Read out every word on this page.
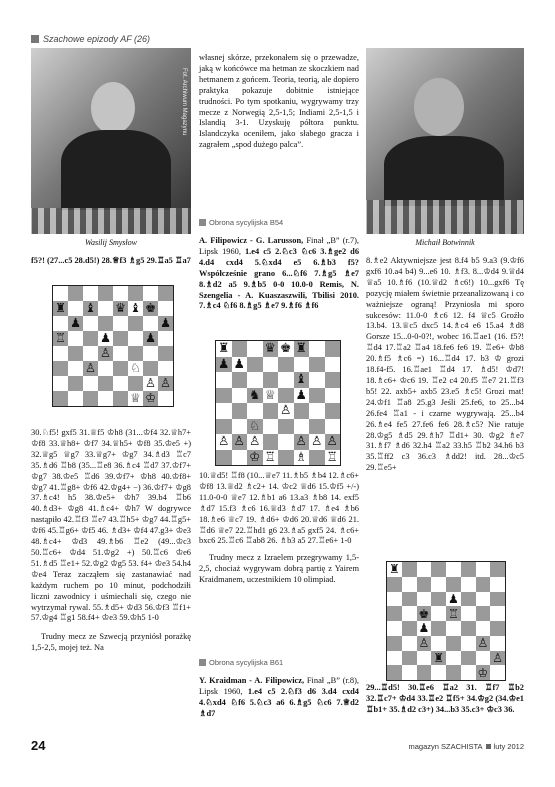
Szachowe epizody AF (26)
Fot. Archiwum Magazynu
Wasilij Smysłow	Michaił Botwinnik

f5?! (27...c5 28.d5!) 28.♕f3 ♗g5 29.♖a5 ♖a7

♜ ♝ ♛ ♝ ♚
♟	♟
♖	♟	♟
♙
♙	♘
♙ ♙
♕ ♔

30.♘f5! gxf5 31.♕f5 ♔h8 (31...♔f4 32.♕h7+ ♔f8 33.♕h8+ ♔f7 34.♕h5+ ♔f8 35.♔e5 +) 32.♕g5 ♕g7 33.♕g7+ ♔g7 34.♗d3 ♖c7 35.♗d6 ♖b8 (35...♖e8 36.♗c4 ♖d7 37.♔f7+ ♔g7 38.♔e5 ♖d6 39.♔f7+ ♔h8 40.♔f8+ ♔g7 41.♖g8+ ♔f6 42.♔g4+ −) 36.♔f7+ ♔g8 37.♗c4! h5 38.♔e5+ ♔h7 39.b4 ♖b6 40.♗d3+ ♔g8 41.♗c4+ ♔h7 W dogrywce nastąpiło 42.♖f3 ♖e7 43.♖h5+ ♔g7 44.♖g5+ ♔f6 45.♖g6+ ♔f5 46. ♗d3+ ♔f4 47.g3+ ♔e3 48.♗c4+ ♔d3 49.♗b6 ♖e2 (49...♔c3 50.♖c6+ ♔d4 51.♔g2 +) 50.♖c6 ♔e6 51.♗d5 ♖e1+ 52.♔g2 ♔g5 53. f4+ ♔e3 54.h4 ♔e4 Teraz zacząłem się zastanawiać nad każdym ruchem po 10 minut, podchodziłi liczni zawodnicy i uśmiechali się, czego nie wytrzymał rywal. 55.♗d5+ ♔d3 56.♔f3 ♖f1+ 57.♔g4 ♖g1 58.f4+ ♔e3 59.♔h5 1-0

Trudny mecz ze Szwecją przyniósł porażkę 1,5-2,5, mojej też. Na

własnej skórze, przekonałem się o przewadze, jaką w końcówce ma hetman ze skoczkiem nad hetmanem z gońcem. Teoria, teorią, ale dopiero praktyka pokazuje dobitnie istniejące trudności. Po tym spotkaniu, wygrywamy trzy mecze z Norwegią 2,5-1,5; Indiami 2,5-1,5 i Islandią 3-1. Uzyskuję półtora punktu. Islandczyka oceniłem, jako słabego gracza i zagrałem „spod dużego palca”.

Obrona sycylijska B54

A. Filipowicz - G. Larusson, Finał „B” (r.7), Lipsk 1960, 1.e4 c5 2.♘c3 ♘c6 3.♗ge2 d6 4.d4 cxd4 5.♘xd4 e5 6.♗b3 f5? Współcześnie grano 6...♘f6 7.♗g5 ♗e7 8.♗d2 a5 9.♗b5 0-0 10.0-0 Remis, N. Szengelia - A. Kuaszaszwili, Tbilisi 2010. 7.♗c4 ♘f6 8.♗g5 ♗e7 9.♗f6 ♗f6

♜	♛ ♚ ♜
♟ ♟
♝
♞ ♕ ♟
♙
♘
♙ ♙ ♙	♙ ♙ ♙
♔ ♖ ♗ ♖

10.♕d5! ♖f8 (10...♕e7 11.♗b5 ♗b4 12.♗c6+ ♔f8 13.♕d2 ♗c2+ 14. ♔c2 ♕d6 15.♔f5 +/-) 11.0-0-0 ♕e7 12.♗b1 a6 13.a3 ♗b8 14. exf5 ♗d7 15.f3 ♗c6 16.♕d3 ♗d7 17. ♗e4 ♗b6 18.♗e6 ♕c7 19. ♗d6+ ♔d6 20.♕d6 ♕d6 21. ♖d6 ♕e7 22.♖hd1 g6 23.♗a5 gxf5 24. ♗c6+ bxc6 25.♖c6 ♖ab8 26. ♗b3 a5 27.♖e6+ 1-0

Trudny mecz z Izraelem przegrywamy 1,5-2,5, chociaż wygrywam dobrą partię z Yairem Kraidmanem, uczestnikiem 10 olimpiad.

Obrona sycylijska B61

Y. Kraidman - A. Filipowicz, Finał „B” (r.8), Lipsk 1960, 1.e4 c5 2.♘f3 d6 3.d4 cxd4 4.♘xd4 ♘f6 5.♘c3 a6 6.♗g5 ♘c6 7.♕d2 ♗d7

8.♗e2 Aktywniejsze jest 8.f4 b5 9.a3 (9.♔f6 gxf6 10.a4 b4) 9...e6 10. ♗f3. 8...♔d4 9.♕d4 ♕a5 10.♗f6 (10.♕d2 ♗c6!) 10...gxf6 Tę pozycję miałem świetnie przeanalizowaną i co ważniejsze ograną! Przyniosła mi sporo sukcesów: 11.0-0 ♗c6 12. f4 ♕c5 Groźło 13.b4. 13.♕c5 dxc5 14.♗c4 e6 15.a4 ♗d8 Gorsze 15...0-0-0?!, wobec 16.♖ae1 (16. f5?! ♖d4 17.♖a2 ♖a4 18.fe6 fe6 19. ♖e6+ ♔b8 20.♗f5 ♗c6 =) 16...♖d4 17. b3 ♔ grozi 18.f4-f5. 16.♖ae1 ♖d4 17. ♗d5! ♔d7! 18.♗c6+ ♔c6 19. ♖e2 c4 20.f5 ♖e7 21.♖f3 b5! 22. axb5+ axb5 23.e5 ♗c5! Grozi mat! 24.♔f1 ♖a8 25.g3 Jeśli 25.fe6, to 25...b4 26.fe4 ♖a1 - i czarne wygrywają. 25...b4 26.♗e4 fe5 27.fe6 fe6 28.♗c5? Nie ratuje 28.♔g5 ♗d5 29.♗h7 ♖d1+ 30. ♔g2 ♗e7 31.♗f7 ♗d6 32.h4 ♖a2 33.h5 ♖b2 34.h6 b3 35.♖ff2 c3 36.c3 ♗dd2! itd. 28...♔c5 29.♖e5+

♜
♟
♚ ♖
♟
♙	♙
♜	♙
♔

29...♖d5! 30.♖e6 ♖a2 31. ♖f7 ♖b2 32.♖c7+ ♔d4 33.♖e2 ♖f5+ 34.♔g2 (34.♔e1 ♖b1+ 35.♗d2 c3+) 34...b3 35.c3+ ♔c3 36.

24	magazyn SZACHISTA luty 2012
